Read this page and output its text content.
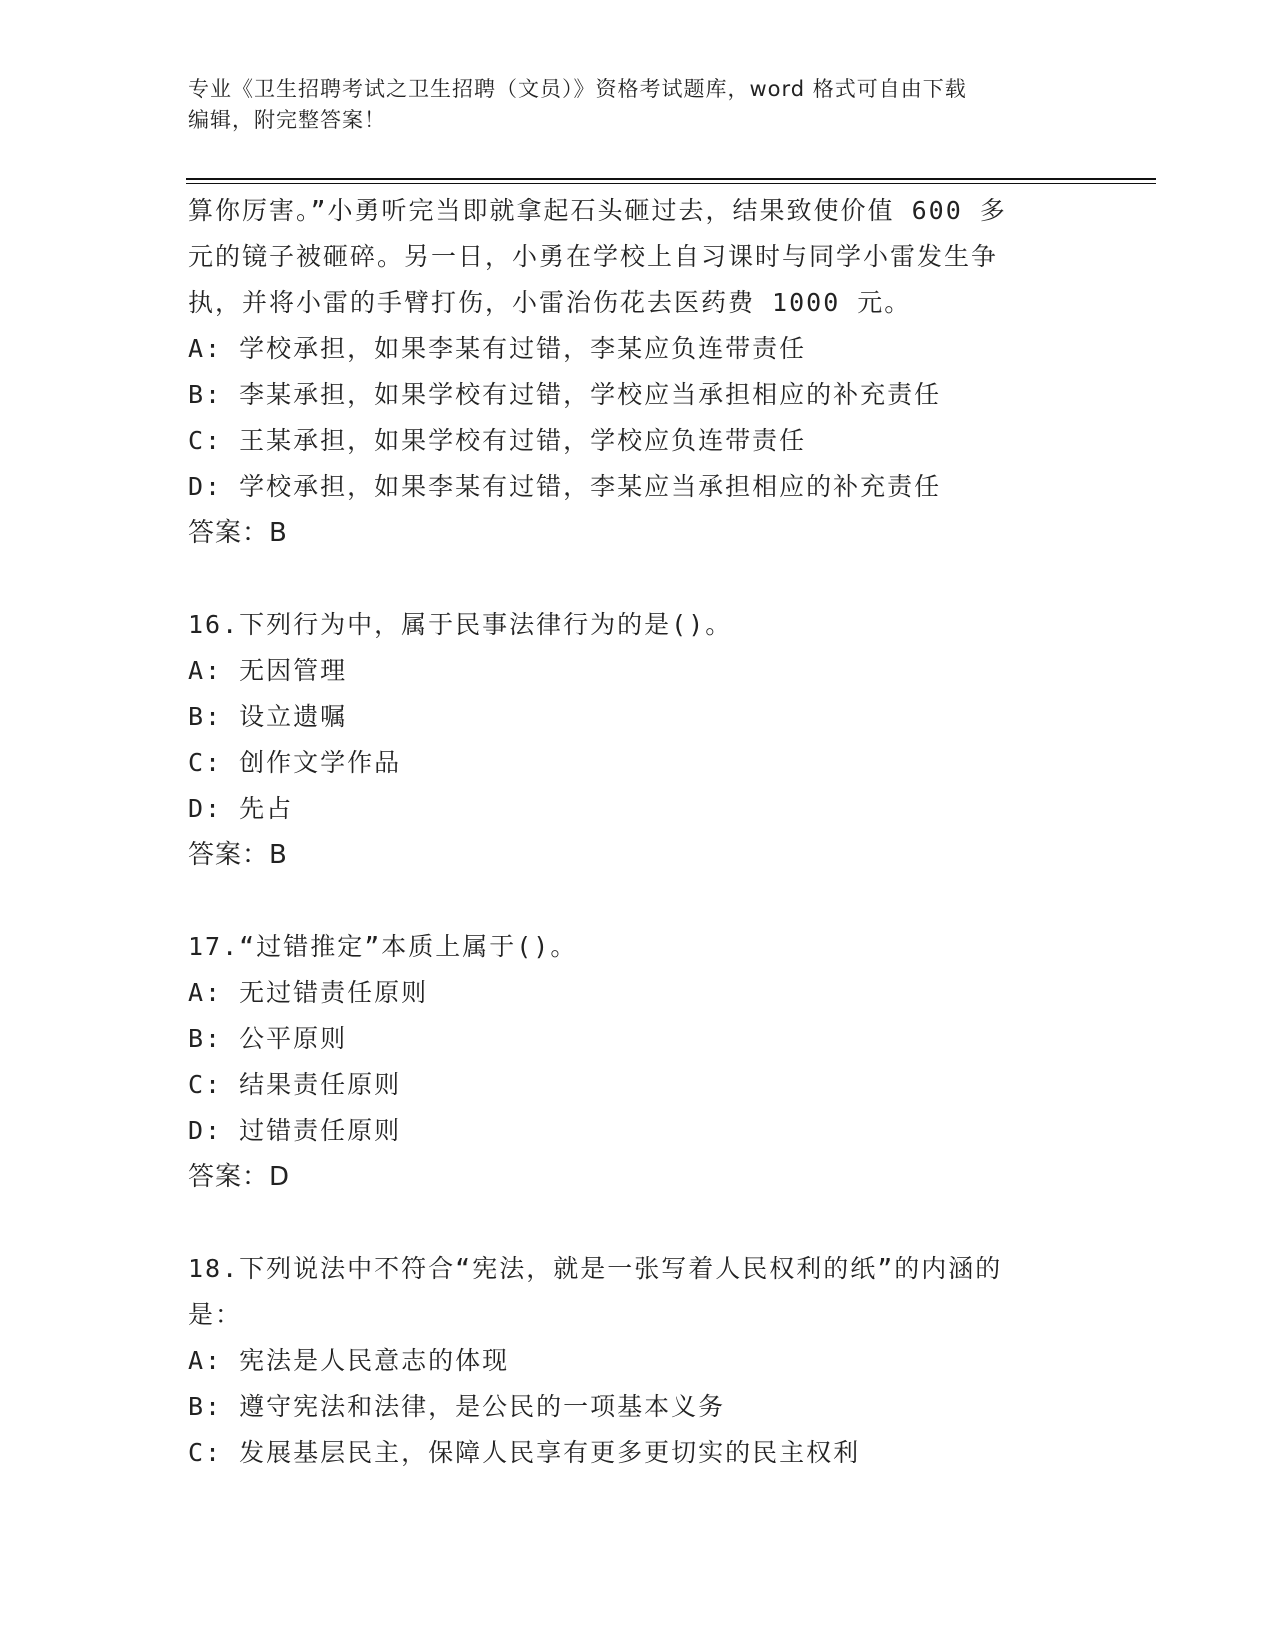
专业《卫生招聘考试之卫生招聘（文员）》资格考试题库，word 格式可自由下载
编辑，附完整答案！
算你厉害。”小勇听完当即就拿起石头砸过去，结果致使价值 600 多
元的镜子被砸碎。另一日，小勇在学校上自习课时与同学小雷发生争
执，并将小雷的手臂打伤，小雷治伤花去医药费 1000 元。
A: 学校承担，如果李某有过错，李某应负连带责任
B: 李某承担，如果学校有过错，学校应当承担相应的补充责任
C: 王某承担，如果学校有过错，学校应负连带责任
D: 学校承担，如果李某有过错，李某应当承担相应的补充责任
答案：B
16.下列行为中，属于民事法律行为的是()。
A: 无因管理
B: 设立遗嘱
C: 创作文学作品
D: 先占
答案：B
17.“过错推定”本质上属于()。
A: 无过错责任原则
B: 公平原则
C: 结果责任原则
D: 过错责任原则
答案：D
18.下列说法中不符合“宪法，就是一张写着人民权利的纸”的内涵的
是：
A: 宪法是人民意志的体现
B: 遵守宪法和法律，是公民的一项基本义务
C: 发展基层民主，保障人民享有更多更切实的民主权利
